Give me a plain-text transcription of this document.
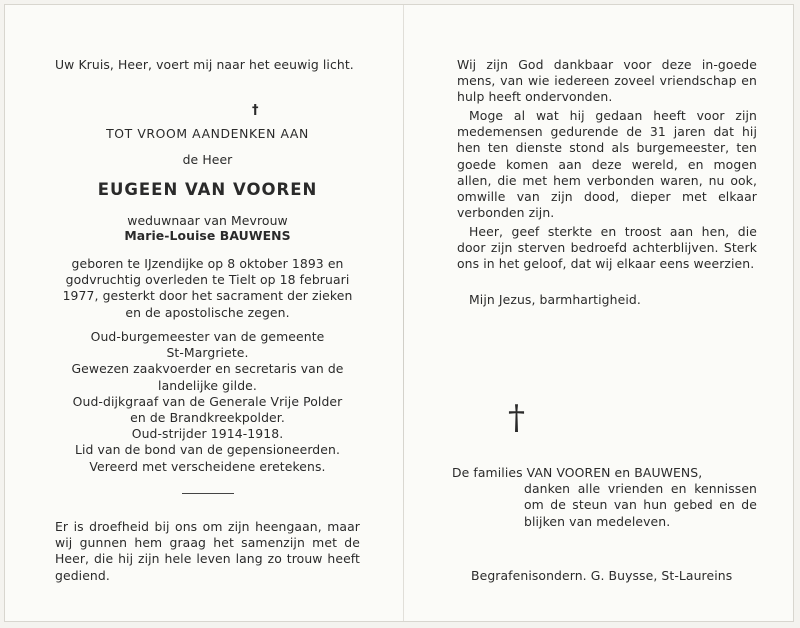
Uw Kruis, Heer, voert mij naar het eeuwig licht.

†

TOT VROOM AANDENKEN AAN

de Heer

EUGEEN VAN VOOREN

weduwnaar van Mevrouw

Marie-Louise BAUWENS

geboren te IJzendijke op 8 oktober 1893 en godvruchtig overleden te Tielt op 18 februari 1977, gesterkt door het sacrament der zieken en de apostolische zegen.

Oud-burgemeester van de gemeente
St-Margriete.
Gewezen zaakvoerder en secretaris van de
landelijke gilde.
Oud-dijkgraaf van de Generale Vrije Polder
en de Brandkreekpolder.
Oud-strijder 1914-1918.
Lid van de bond van de gepensioneerden.
Vereerd met verscheidene eretekens.

Er is droefheid bij ons om zijn heengaan, maar wij gunnen hem graag het samenzijn met de Heer, die hij zijn hele leven lang zo trouw heeft gediend.

Wij zijn God dankbaar voor deze in-goede mens, van wie iedereen zoveel vriendschap en hulp heeft ondervonden.

Moge al wat hij gedaan heeft voor zijn medemensen gedurende de 31 jaren dat hij hen ten dienste stond als burgemeester, ten goede komen aan deze wereld, en mogen allen, die met hem verbonden waren, nu ook, omwille van zijn dood, dieper met elkaar verbonden zijn.

Heer, geef sterkte en troost aan hen, die door zijn sterven bedroefd achterblijven. Sterk ons in het geloof, dat wij elkaar eens weerzien.

Mijn Jezus, barmhartigheid.

†

De families VAN VOOREN en BAUWENS,

danken alle vrienden en kennissen om de steun van hun gebed en de blijken van medeleven.

Begrafenisondern. G. Buysse, St-Laureins
